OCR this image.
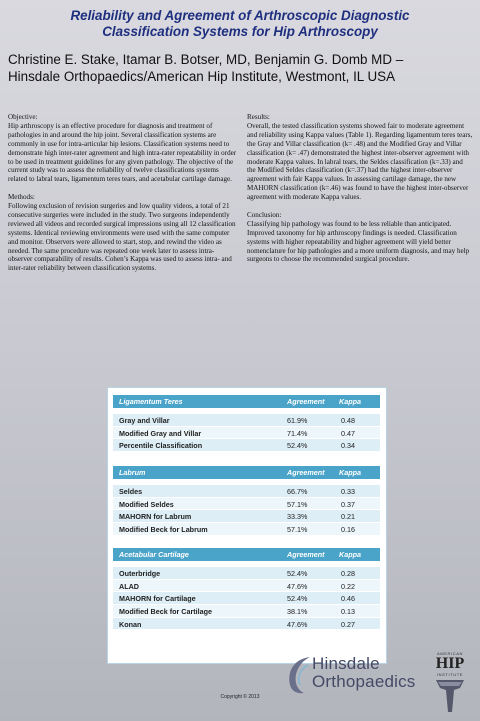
Reliability and Agreement of Arthroscopic Diagnostic
Classification Systems for Hip Arthroscopy
Christine E. Stake, Itamar B. Botser, MD, Benjamin G. Domb MD –
Hinsdale Orthopaedics/American Hip Institute, Westmont, IL USA
Objective:

Hip arthroscopy is an effective procedure for diagnosis and treatment of pathologies in and around the hip joint. Several classification systems are commonly in use for intra-articular hip lesions. Classification systems need to demonstrate high inter-rater agreement and high intra-rater repeatability in order to be used in treatment guidelines for any given pathology. The objective of the current study was to assess the reliability of twelve classifications systems related to labral tears, ligamentum teres tears, and acetabular cartilage damage.

Methods:

Following exclusion of revision surgeries and low quality videos, a total of 21 consecutive surgeries were included in the study. Two surgeons independently reviewed all videos and recorded surgical impressions using all 12 classification systems. Identical reviewing environments were used with the same computer and monitor. Observers were allowed to start, stop, and rewind the video as needed. The same procedure was repeated one week later to assess intra-observer comparability of results. Cohen’s Kappa was used to assess intra- and inter-rater reliability between classification systems.

Results:

Overall, the tested classification systems showed fair to moderate agreement and reliability using Kappa values (Table 1). Regarding ligamentum teres tears, the Gray and Villar classification (k= .48) and the Modified Gray and Villar classification (k= .47) demonstrated the highest inter-observer agreement with moderate Kappa values. In labral tears, the Seldes classification (k=.33) and the Modified Seldes classification (k=.37) had the highest inter-observer agreement with fair Kappa values. In assessing cartilage damage, the new MAHORN classification (k=.46) was found to have the highest inter-observer agreement with moderate Kappa values.

Conclusion:

Classifying hip pathology was found to be less reliable than anticipated. Improved taxonomy for hip arthroscopy findings is needed. Classification systems with higher repeatability and higher agreement will yield better nomenclature for hip pathologies and a more uniform diagnosis, and may help surgeons to choose the recommended surgical procedure.

Ligamentum Teres	Agreement Kappa
Gray and Villar	61.9%	0.48
Modified Gray and Villar	71.4%	0.47
Percentile Classification	52.4%	0.34
Labrum	Agreement Kappa
Seldes	66.7%	0.33
Modified Seldes	57.1%	0.37
MAHORN for Labrum	33.3%	0.21
Modified Beck for Labrum	57.1%	0.16
Acetabular Cartilage	Agreement Kappa
Outerbridge	52.4%	0.28
ALAD	47.6%	0.22
MAHORN for Cartilage	52.4%	0.46
Modified Beck for Cartilage	38.1%	0.13
Konan	47.6%	0.27
Hinsdale
Orthopaedics
AMERICAN
HIP
INSTITUTE
Copyright © 2013
